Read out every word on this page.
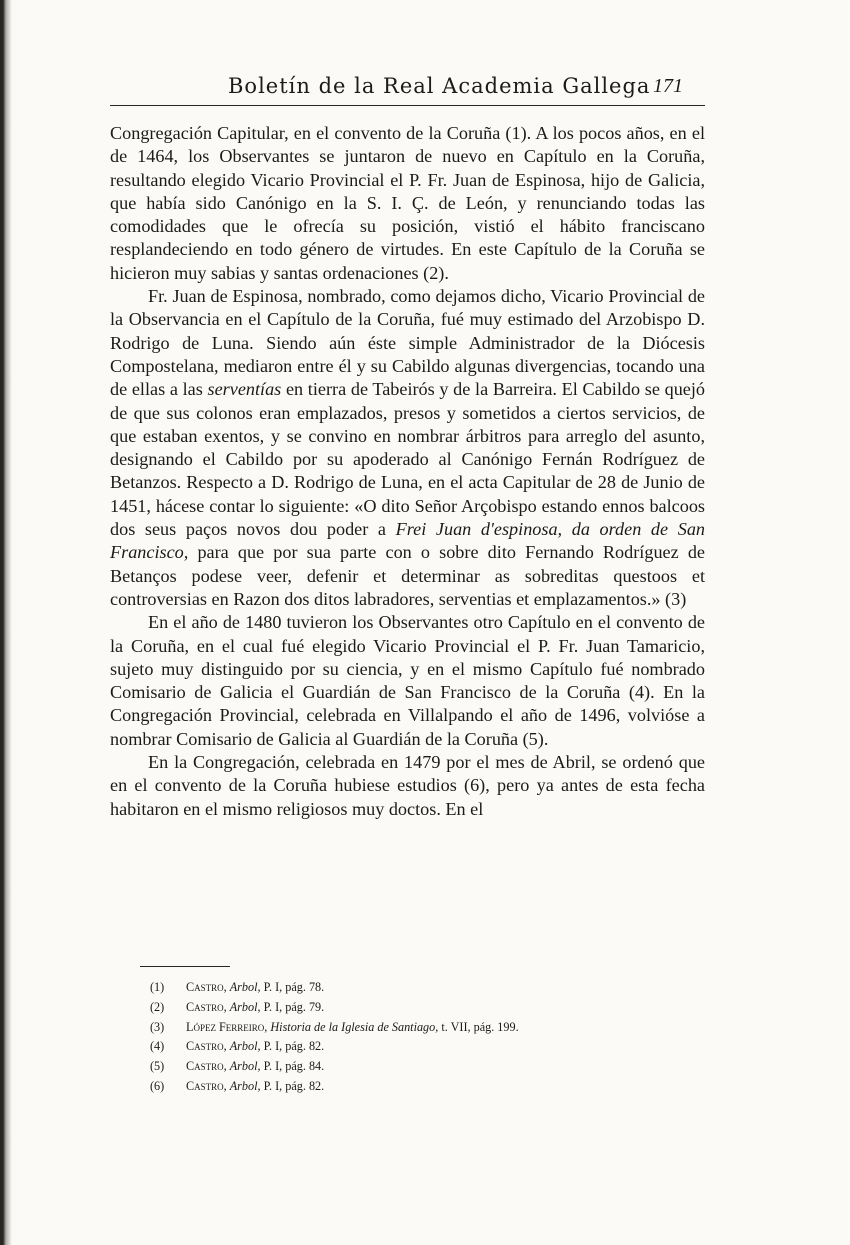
Boletín de la Real Academia Gallega 171

Congregación Capitular, en el convento de la Coruña (1). A los pocos años, en el de 1464, los Observantes se juntaron de nuevo en Capítulo en la Coruña, resultando elegido Vicario Provincial el P. Fr. Juan de Espinosa, hijo de Galicia, que había sido Canónigo en la S. I. Ç. de León, y renunciando todas las comodidades que le ofrecía su posición, vistió el hábito franciscano resplandeciendo en todo género de virtudes. En este Capítulo de la Coruña se hicieron muy sabias y santas ordenaciones (2).

Fr. Juan de Espinosa, nombrado, como dejamos dicho, Vicario Provincial de la Observancia en el Capítulo de la Coruña, fué muy estimado del Arzobispo D. Rodrigo de Luna. Siendo aún éste simple Administrador de la Diócesis Compostelana, mediaron entre él y su Cabildo algunas divergencias, tocando una de ellas a las serventías en tierra de Tabeirós y de la Barreira. El Cabildo se quejó de que sus colonos eran emplazados, presos y sometidos a ciertos servicios, de que estaban exentos, y se convino en nombrar árbitros para arreglo del asunto, designando el Cabildo por su apoderado al Canónigo Fernán Rodríguez de Betanzos. Respecto a D. Rodrigo de Luna, en el acta Capitular de 28 de Junio de 1451, hácese contar lo siguiente: «O dito Señor Arçobispo estando ennos balcoos dos seus paços novos dou poder a Frei Juan d'espinosa, da orden de San Francisco, para que por sua parte con o sobre dito Fernando Rodríguez de Betanços podese veer, defenir et determinar as sobreditas questoos et controversias en Razon dos ditos labradores, serventias et emplazamentos.» (3)

En el año de 1480 tuvieron los Observantes otro Capítulo en el convento de la Coruña, en el cual fué elegido Vicario Provincial el P. Fr. Juan Tamaricio, sujeto muy distinguido por su ciencia, y en el mismo Capítulo fué nombrado Comisario de Galicia el Guardián de San Francisco de la Coruña (4). En la Congregación Provincial, celebrada en Villalpando el año de 1496, volvióse a nombrar Comisario de Galicia al Guardián de la Coruña (5).

En la Congregación, celebrada en 1479 por el mes de Abril, se ordenó que en el convento de la Coruña hubiese estudios (6), pero ya antes de esta fecha habitaron en el mismo religiosos muy doctos. En el

(1) Castro, Arbol, P. I, pág. 78.
(2) Castro, Arbol, P. I, pág. 79.
(3) López Ferreiro, Historia de la Iglesia de Santiago, t. VII, pág. 199.
(4) Castro, Arbol, P. I, pág. 82.
(5) Castro, Arbol, P. I, pág. 84.
(6) Castro, Arbol, P. I, pág. 82.
